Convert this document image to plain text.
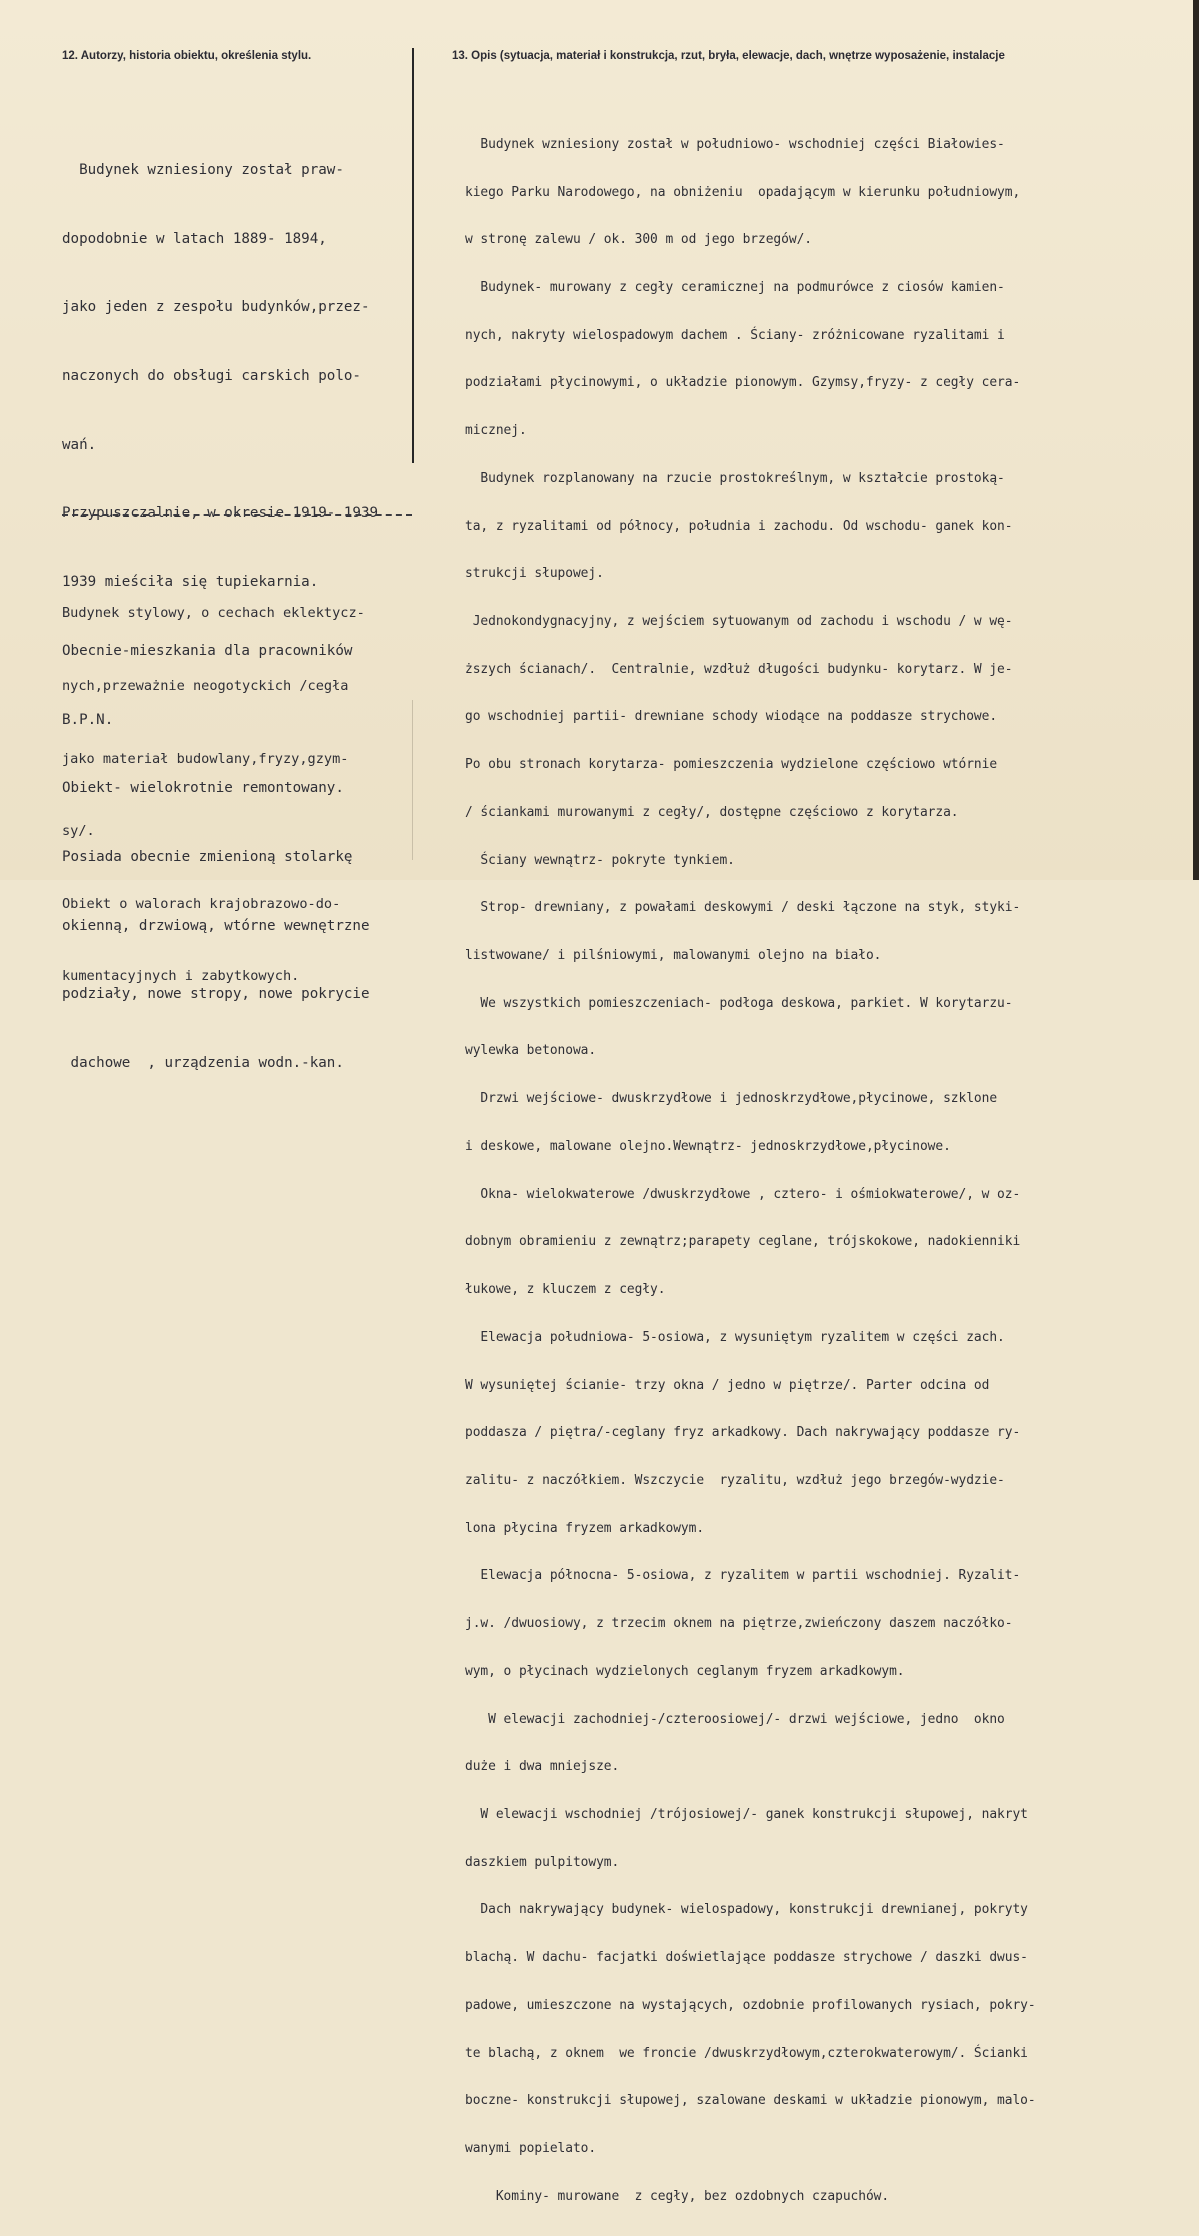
12. Autorzy, historia obiektu, określenia stylu.	13. Opis (sytuacja, materiał i konstrukcja, rzut, bryła, elewacje, dach, wnętrze wyposażenie, instalacje

Budynek wzniesiony został praw-

dopodobnie w latach 1889- 1894,

jako jeden z zespołu budynków,przez-

naczonych do obsługi carskich polo-

wań.

Przypuszczalnie, w okresie 1919- 1939

1939 mieściła się tupiekarnia.

Obecnie-mieszkania dla pracowników

B.P.N.

Obiekt- wielokrotnie remontowany.

Posiada obecnie zmienioną stolarkę

okienną, drzwiową, wtórne wewnętrzne

podziały, nowe stropy, nowe pokrycie

dachowe  , urządzenia wodn.-kan.

Budynek stylowy, o cechach eklektycz-

nych,przeważnie neogotyckich /cegła

jako materiał budowlany,fryzy,gzym-

sy/.

Obiekt o walorach krajobrazowo-do-

kumentacyjnych i zabytkowych.

Budynek wzniesiony został w południowo- wschodniej części Białowies-

kiego Parku Narodowego, na obniżeniu  opadającym w kierunku południowym,

w stronę zalewu / ok. 300 m od jego brzegów/.

Budynek- murowany z cegły ceramicznej na podmurówce z ciosów kamien-

nych, nakryty wielospadowym dachem . Ściany- zróżnicowane ryzalitami i

podziałami płycinowymi, o układzie pionowym. Gzymsy,fryzy- z cegły cera-

micznej.

Budynek rozplanowany na rzucie prostokreślnym, w kształcie prostoką-

ta, z ryzalitami od północy, południa i zachodu. Od wschodu- ganek kon-

strukcji słupowej.

Jednokondygnacyjny, z wejściem sytuowanym od zachodu i wschodu / w wę-

ższych ścianach/.  Centralnie, wzdłuż długości budynku- korytarz. W je-

go wschodniej partii- drewniane schody wiodące na poddasze strychowe.

Po obu stronach korytarza- pomieszczenia wydzielone częściowo wtórnie

/ ściankami murowanymi z cegły/, dostępne częściowo z korytarza.

Ściany wewnątrz- pokryte tynkiem.

Strop- drewniany, z powałami deskowymi / deski łączone na styk, styki-

listwowane/ i pilśniowymi, malowanymi olejno na biało.

We wszystkich pomieszczeniach- podłoga deskowa, parkiet. W korytarzu-

wylewka betonowa.

Drzwi wejściowe- dwuskrzydłowe i jednoskrzydłowe,płycinowe, szklone

i deskowe, malowane olejno.Wewnątrz- jednoskrzydłowe,płycinowe.

Okna- wielokwaterowe /dwuskrzydłowe , cztero- i ośmiokwaterowe/, w oz-

dobnym obramieniu z zewnątrz;parapety ceglane, trójskokowe, nadokienniki

łukowe, z kluczem z cegły.

Elewacja południowa- 5-osiowa, z wysuniętym ryzalitem w części zach.

W wysuniętej ścianie- trzy okna / jedno w piętrze/. Parter odcina od

poddasza / piętra/-ceglany fryz arkadkowy. Dach nakrywający poddasze ry-

zalitu- z naczółkiem. Wszczycie  ryzalitu, wzdłuż jego brzegów-wydzie-

lona płycina fryzem arkadkowym.

Elewacja północna- 5-osiowa, z ryzalitem w partii wschodniej. Ryzalit-

j.w. /dwuosiowy, z trzecim oknem na piętrze,zwieńczony daszem naczółko-

wym, o płycinach wydzielonych ceglanym fryzem arkadkowym.

W elewacji zachodniej-/czteroosiowej/- drzwi wejściowe, jedno  okno

duże i dwa mniejsze.

W elewacji wschodniej /trójosiowej/- ganek konstrukcji słupowej, nakryt

daszkiem pulpitowym.

Dach nakrywający budynek- wielospadowy, konstrukcji drewnianej, pokryty

blachą. W dachu- facjatki doświetlające poddasze strychowe / daszki dwus-

padowe, umieszczone na wystających, ozdobnie profilowanych rysiach, pokry-

te blachą, z oknem  we froncie /dwuskrzydłowym,czterokwaterowym/. Ścianki

boczne- konstrukcji słupowej, szalowane deskami w układzie pionowym, malo-

wanymi popielato.

Kominy- murowane  z cegły, bez ozdobnych czapuchów.
